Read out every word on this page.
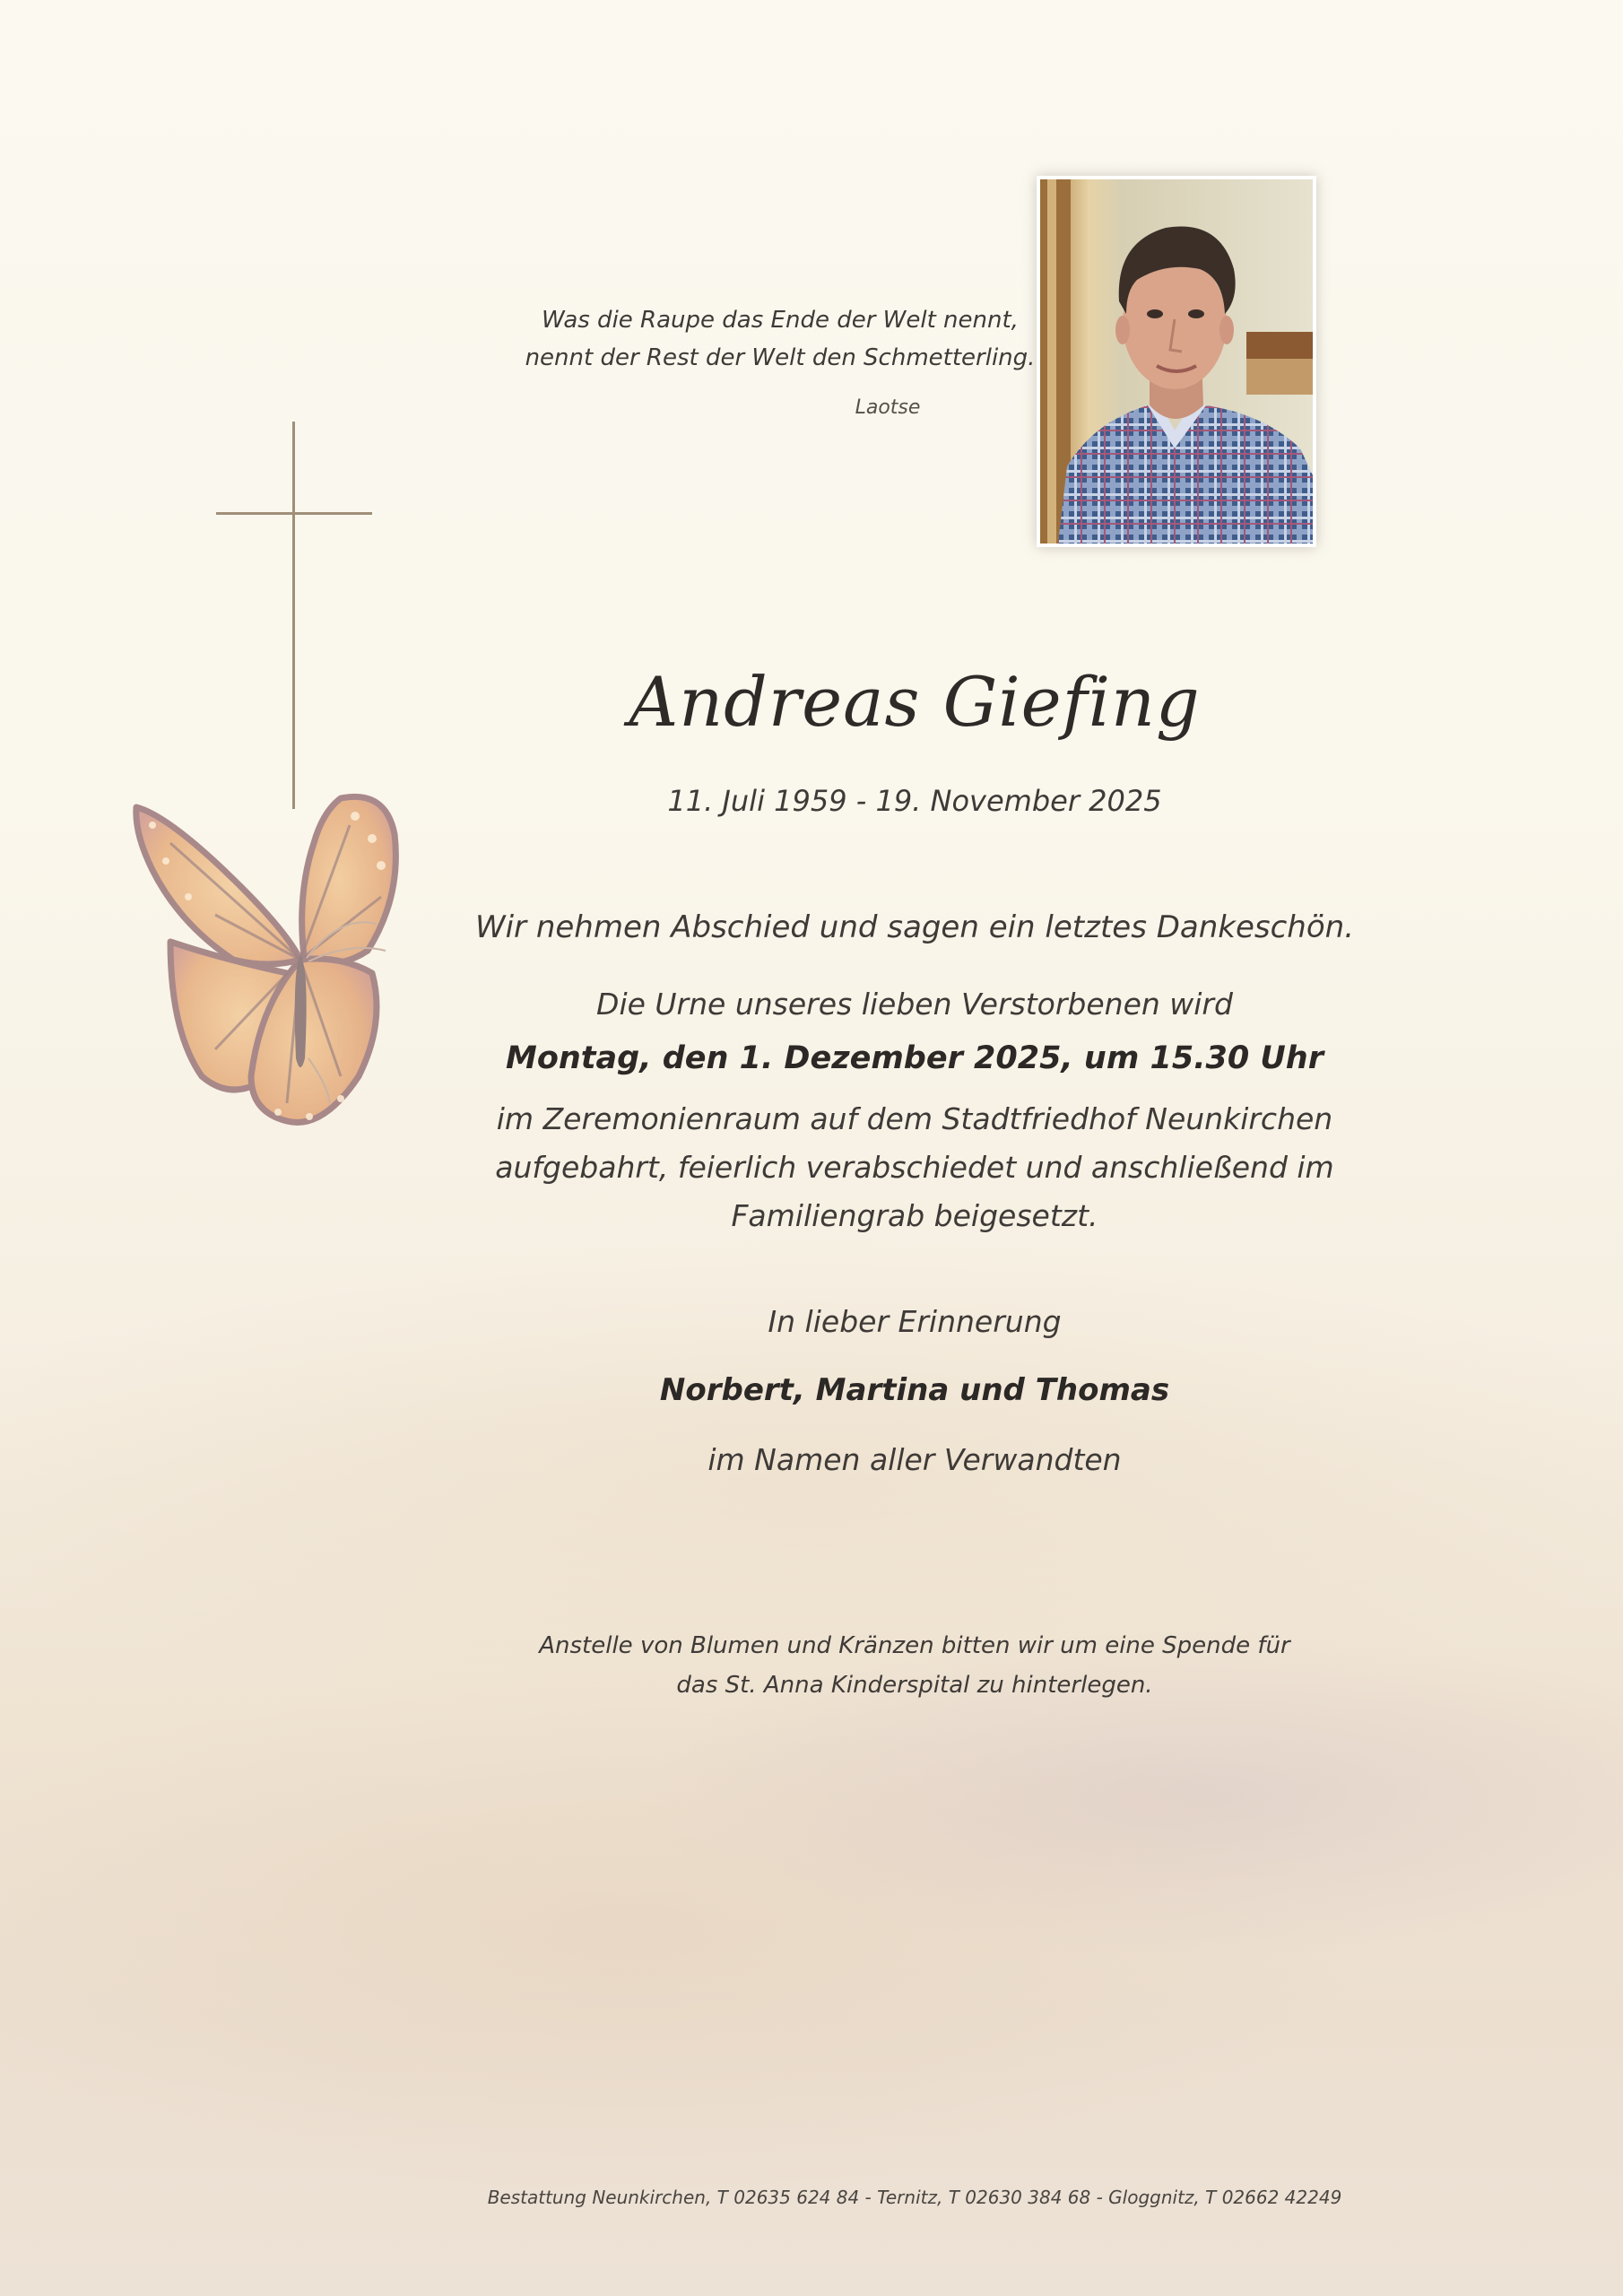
Was die Raupe das Ende der Welt nennt,
nennt der Rest der Welt den Schmetterling.
Laotse
Andreas Giefing
11. Juli 1959 - 19. November 2025
Wir nehmen Abschied und sagen ein letztes Dankeschön.
Die Urne unseres lieben Verstorbenen wird
Montag, den 1. Dezember 2025, um 15.30 Uhr
im Zeremonienraum auf dem Stadtfriedhof Neunkirchen
aufgebahrt, feierlich verabschiedet und anschließend im
Familiengrab beigesetzt.
In lieber Erinnerung
Norbert, Martina und Thomas
im Namen aller Verwandten
Anstelle von Blumen und Kränzen bitten wir um eine Spende für
das St. Anna Kinderspital zu hinterlegen.
Bestattung Neunkirchen, T 02635 624 84 - Ternitz, T 02630 384 68 - Gloggnitz, T 02662 42249
